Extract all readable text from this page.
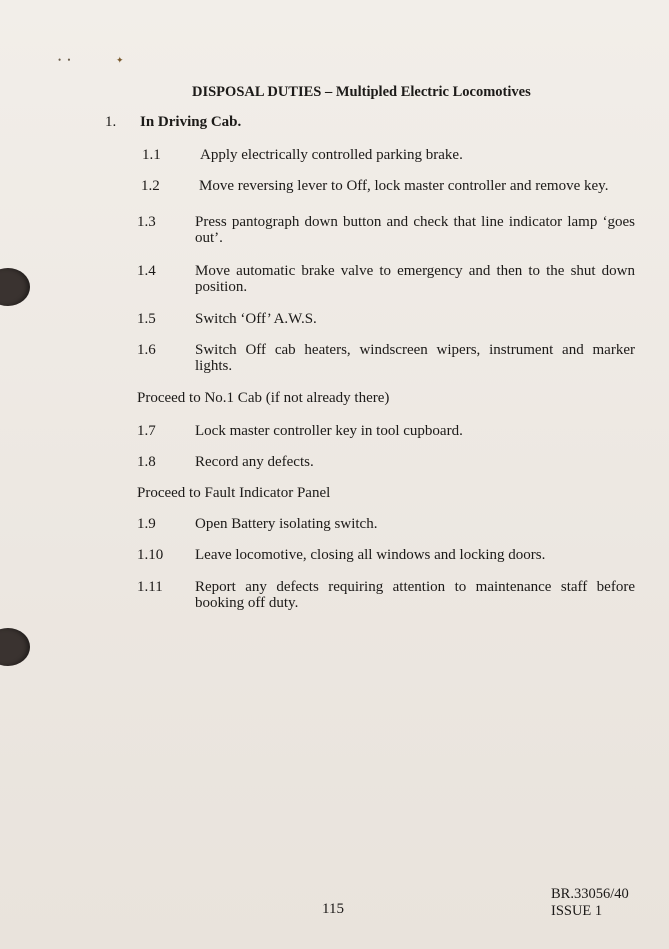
• •	✦
DISPOSAL DUTIES – Multipled Electric Locomotives
1. In Driving Cab.
1.1	Apply electrically controlled parking brake.
1.2	Move reversing lever to Off, lock master controller and remove key.
1.3	Press pantograph down button and check that line indicator lamp ‘goes out’.
1.4	Move automatic brake valve to emergency and then to the shut down position.
1.5	Switch ‘Off’ A.W.S.
1.6	Switch Off cab heaters, windscreen wipers, instrument and marker lights.
Proceed to No.1 Cab (if not already there)
1.7	Lock master controller key in tool cupboard.
1.8	Record any defects.
Proceed to Fault Indicator Panel
1.9	Open Battery isolating switch.
1.10 Leave locomotive, closing all windows and locking doors.
1.11 Report any defects requiring attention to maintenance staff before booking off duty.
115
BR.33056/40
ISSUE 1
